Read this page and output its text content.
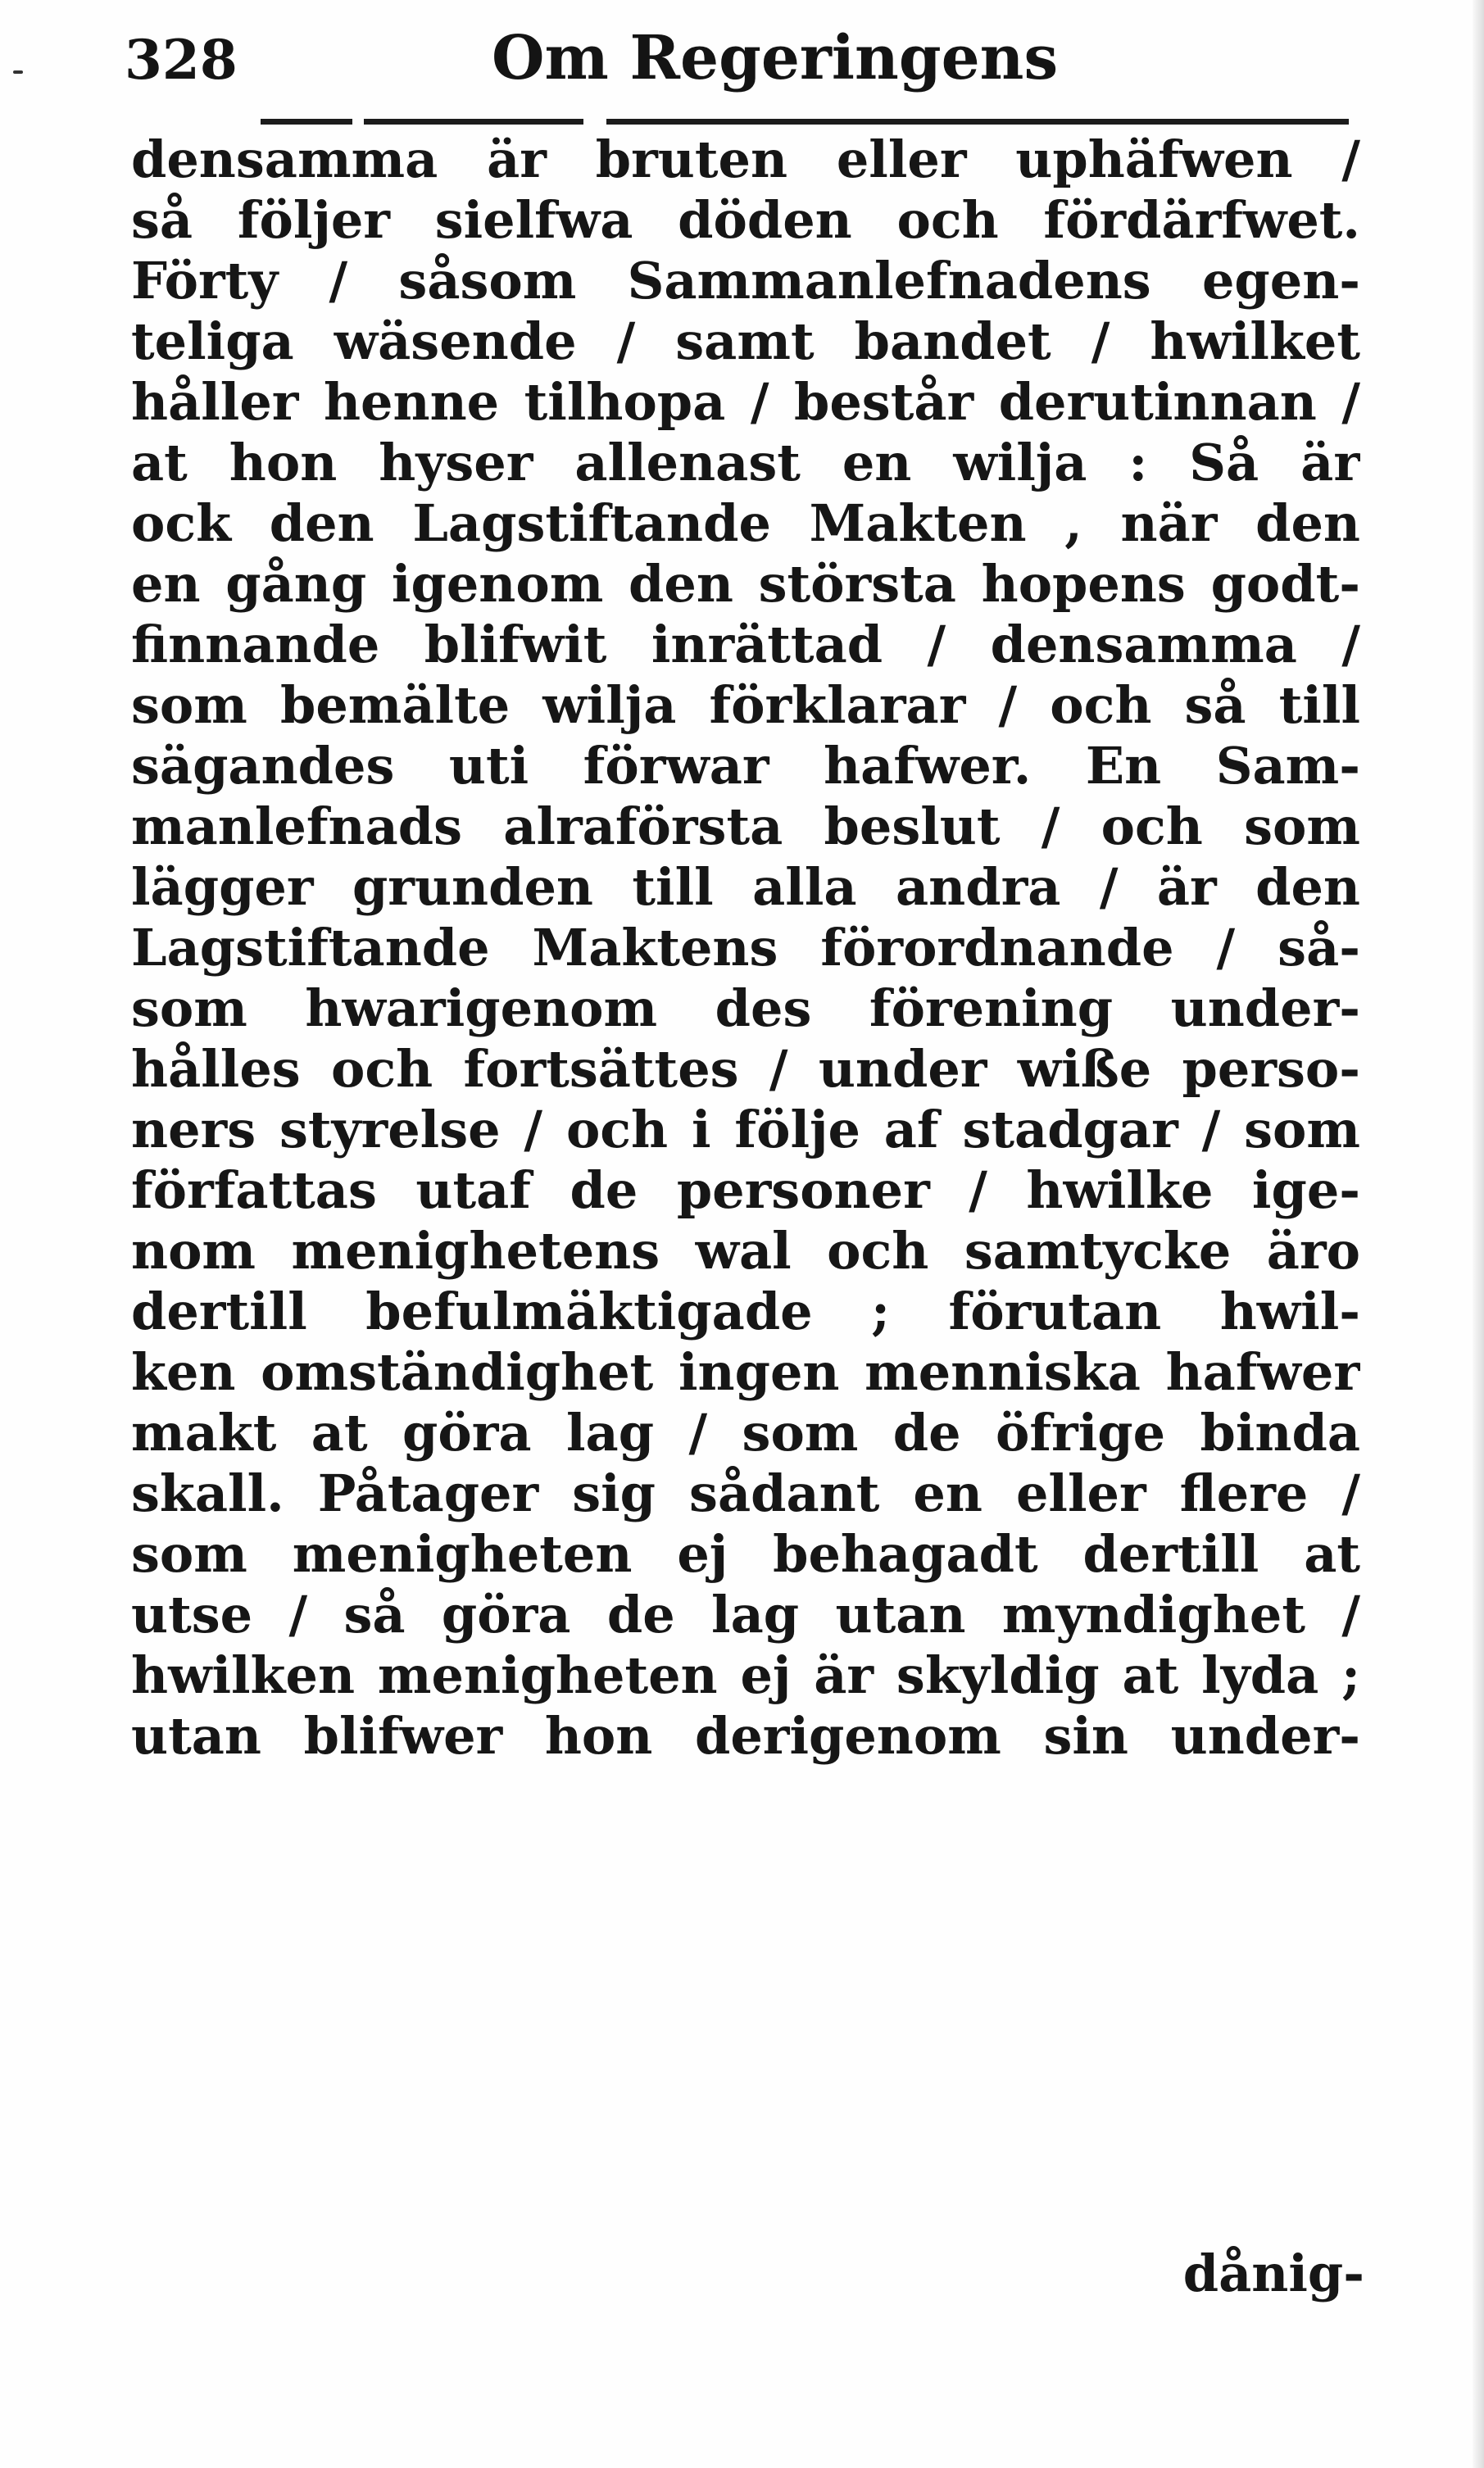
328	Om Regeringens
densamma är bruten eller uphäfwen /
så följer sielfwa döden och fördärfwet.
Förty / såsom Sammanlefnadens egen-
teliga wäsende / samt bandet / hwilket
håller henne tilhopa / består derutinnan /
at hon hyser allenast en wilja : Så är
ock den Lagstiftande Makten , när den
en gång igenom den största hopens godt-
finnande blifwit inrättad / densamma /
som bemälte wilja förklarar / och så till
sägandes uti förwar hafwer. En Sam-
manlefnads alraförsta beslut / och som
lägger grunden till alla andra / är den
Lagstiftande Maktens förordnande / så-
som hwarigenom des förening under-
hålles och fortsättes / under wiße perso-
ners styrelse / och i följe af stadgar / som
författas utaf de personer / hwilke ige-
nom menighetens wal och samtycke äro
dertill befulmäktigade ; förutan hwil-
ken omständighet ingen menniska hafwer
makt at göra lag / som de öfrige binda
skall. Påtager sig sådant en eller flere /
som menigheten ej behagadt dertill at
utse / så göra de lag utan myndighet /
hwilken menigheten ej är skyldig at lyda ;
utan blifwer hon derigenom sin under-
dånig-
